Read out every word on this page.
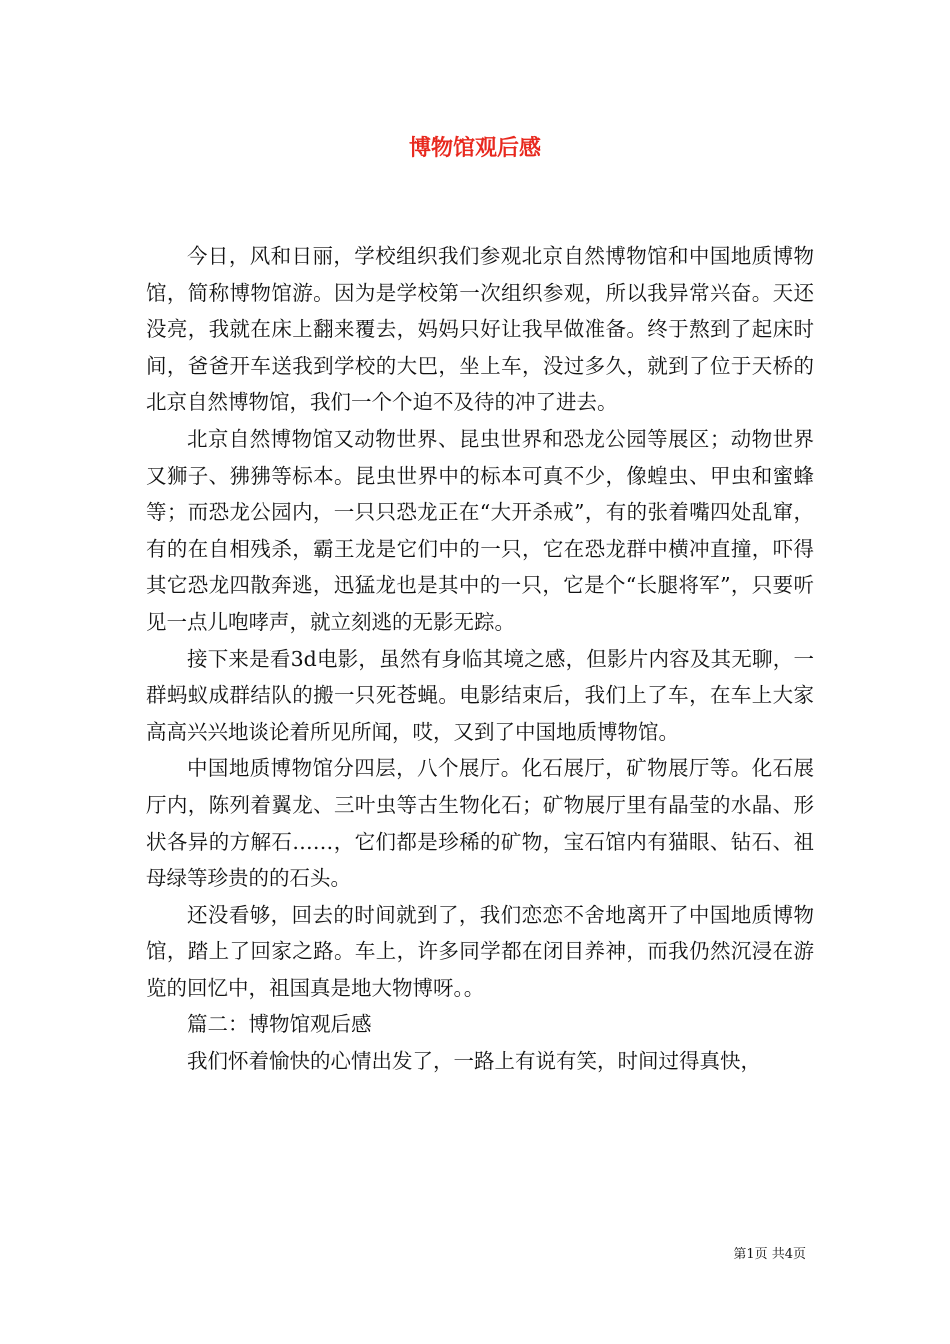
博物馆观后感

今日，风和日丽，学校组织我们参观北京自然博物馆和中国地质博物馆，简称博物馆游。因为是学校第一次组织参观，所以我异常兴奋。天还没亮，我就在床上翻来覆去，妈妈只好让我早做准备。终于熬到了起床时间，爸爸开车送我到学校的大巴，坐上车，没过多久，就到了位于天桥的北京自然博物馆，我们一个个迫不及待的冲了进去。

北京自然博物馆又动物世界、昆虫世界和恐龙公园等展区；动物世界又狮子、狒狒等标本。昆虫世界中的标本可真不少，像蝗虫、甲虫和蜜蜂等；而恐龙公园内，一只只恐龙正在“大开杀戒”，有的张着嘴四处乱窜，有的在自相残杀，霸王龙是它们中的一只，它在恐龙群中横冲直撞，吓得其它恐龙四散奔逃，迅猛龙也是其中的一只，它是个“长腿将军”，只要听见一点儿咆哮声，就立刻逃的无影无踪。

接下来是看3d电影，虽然有身临其境之感，但影片内容及其无聊，一群蚂蚁成群结队的搬一只死苍蝇。电影结束后，我们上了车，在车上大家高高兴兴地谈论着所见所闻，哎，又到了中国地质博物馆。

中国地质博物馆分四层，八个展厅。化石展厅，矿物展厅等。化石展厅内，陈列着翼龙、三叶虫等古生物化石；矿物展厅里有晶莹的水晶、形状各异的方解石……，它们都是珍稀的矿物，宝石馆内有猫眼、钻石、祖母绿等珍贵的的石头。

还没看够，回去的时间就到了，我们恋恋不舍地离开了中国地质博物馆，踏上了回家之路。车上，许多同学都在闭目养神，而我仍然沉浸在游览的回忆中，祖国真是地大物博呀。。

篇二：博物馆观后感

我们怀着愉快的心情出发了，一路上有说有笑，时间过得真快，

第1页 共4页
